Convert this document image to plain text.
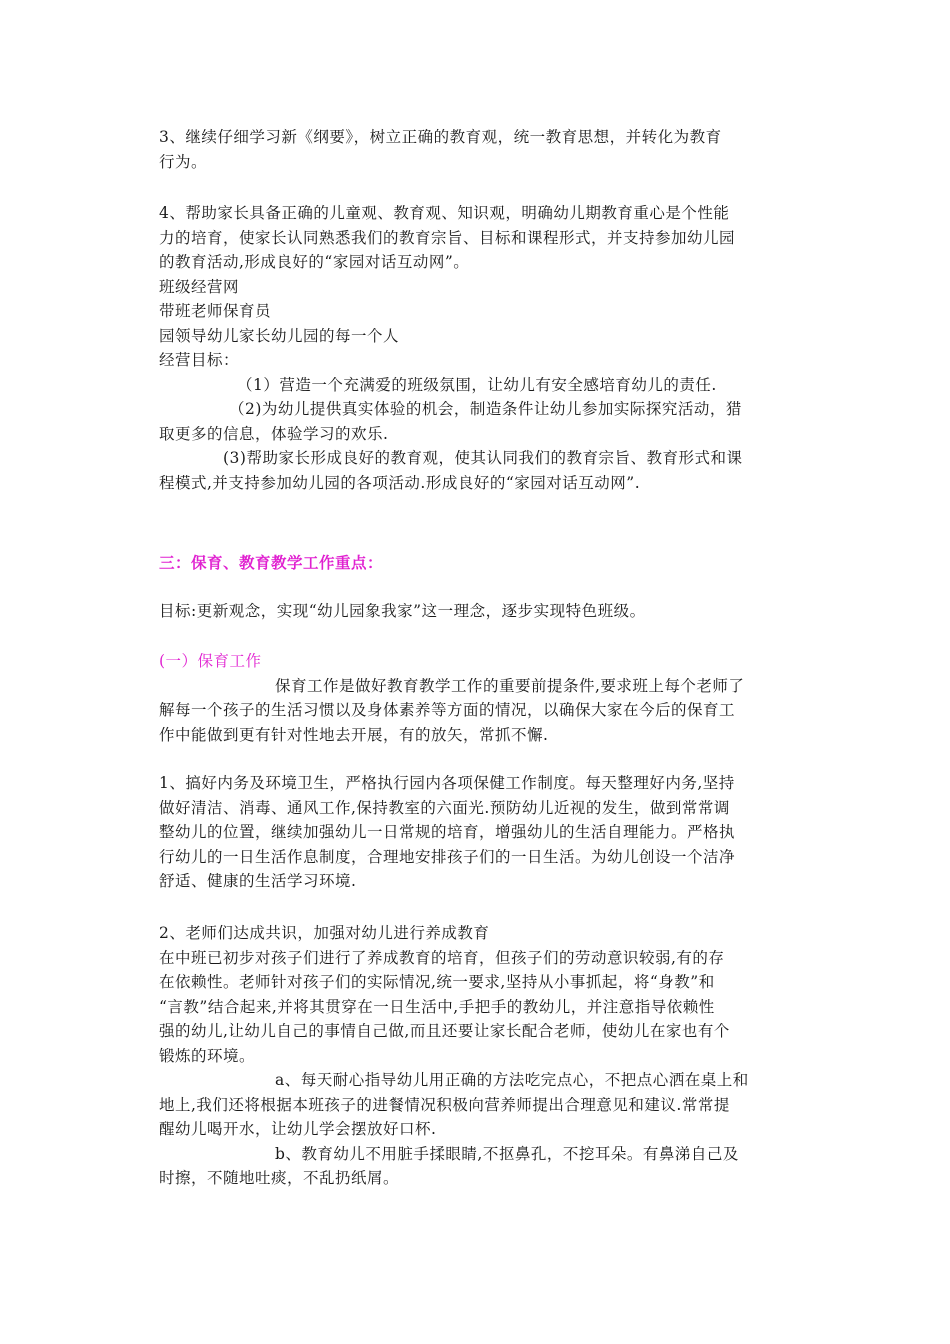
3、继续仔细学习新《纲要》，树立正确的教育观，统一教育思想，并转化为教育
行为。
4、帮助家长具备正确的儿童观、教育观、知识观，明确幼儿期教育重心是个性能
力的培育，使家长认同熟悉我们的教育宗旨、目标和课程形式，并支持参加幼儿园
的教育活动,形成良好的“家园对话互动网”。
班级经营网
带班老师保育员
园领导幼儿家长幼儿园的每一个人
经营目标：
（1）营造一个充满爱的班级氛围，让幼儿有安全感培育幼儿的责任.
（2)为幼儿提供真实体验的机会，制造条件让幼儿参加实际探究活动，猎
取更多的信息，体验学习的欢乐.
(3)帮助家长形成良好的教育观，使其认同我们的教育宗旨、教育形式和课
程模式,并支持参加幼儿园的各项活动.形成良好的“家园对话互动网”.
三：保育、教育教学工作重点：
目标:更新观念，实现“幼儿园象我家”这一理念，逐步实现特色班级。
(一）保育工作
保育工作是做好教育教学工作的重要前提条件,要求班上每个老师了
解每一个孩子的生活习惯以及身体素养等方面的情况，以确保大家在今后的保育工
作中能做到更有针对性地去开展，有的放矢，常抓不懈.
1、搞好内务及环境卫生，严格执行园内各项保健工作制度。每天整理好内务,坚持
做好清洁、消毒、通风工作,保持教室的六面光.预防幼儿近视的发生，做到常常调
整幼儿的位置，继续加强幼儿一日常规的培育，增强幼儿的生活自理能力。严格执
行幼儿的一日生活作息制度，合理地安排孩子们的一日生活。为幼儿创设一个洁净
舒适、健康的生活学习环境.
2、老师们达成共识，加强对幼儿进行养成教育
在中班已初步对孩子们进行了养成教育的培育，但孩子们的劳动意识较弱,有的存
在依赖性。老师针对孩子们的实际情况,统一要求,坚持从小事抓起，将“身教”和
“言教”结合起来,并将其贯穿在一日生活中,手把手的教幼儿，并注意指导依赖性
强的幼儿,让幼儿自己的事情自己做,而且还要让家长配合老师，使幼儿在家也有个
锻炼的环境。
a、每天耐心指导幼儿用正确的方法吃完点心，不把点心洒在桌上和
地上,我们还将根据本班孩子的进餐情况积极向营养师提出合理意见和建议.常常提
醒幼儿喝开水，让幼儿学会摆放好口杯.
b、教育幼儿不用脏手揉眼睛,不抠鼻孔，不挖耳朵。有鼻涕自己及
时擦，不随地吐痰，不乱扔纸屑。
